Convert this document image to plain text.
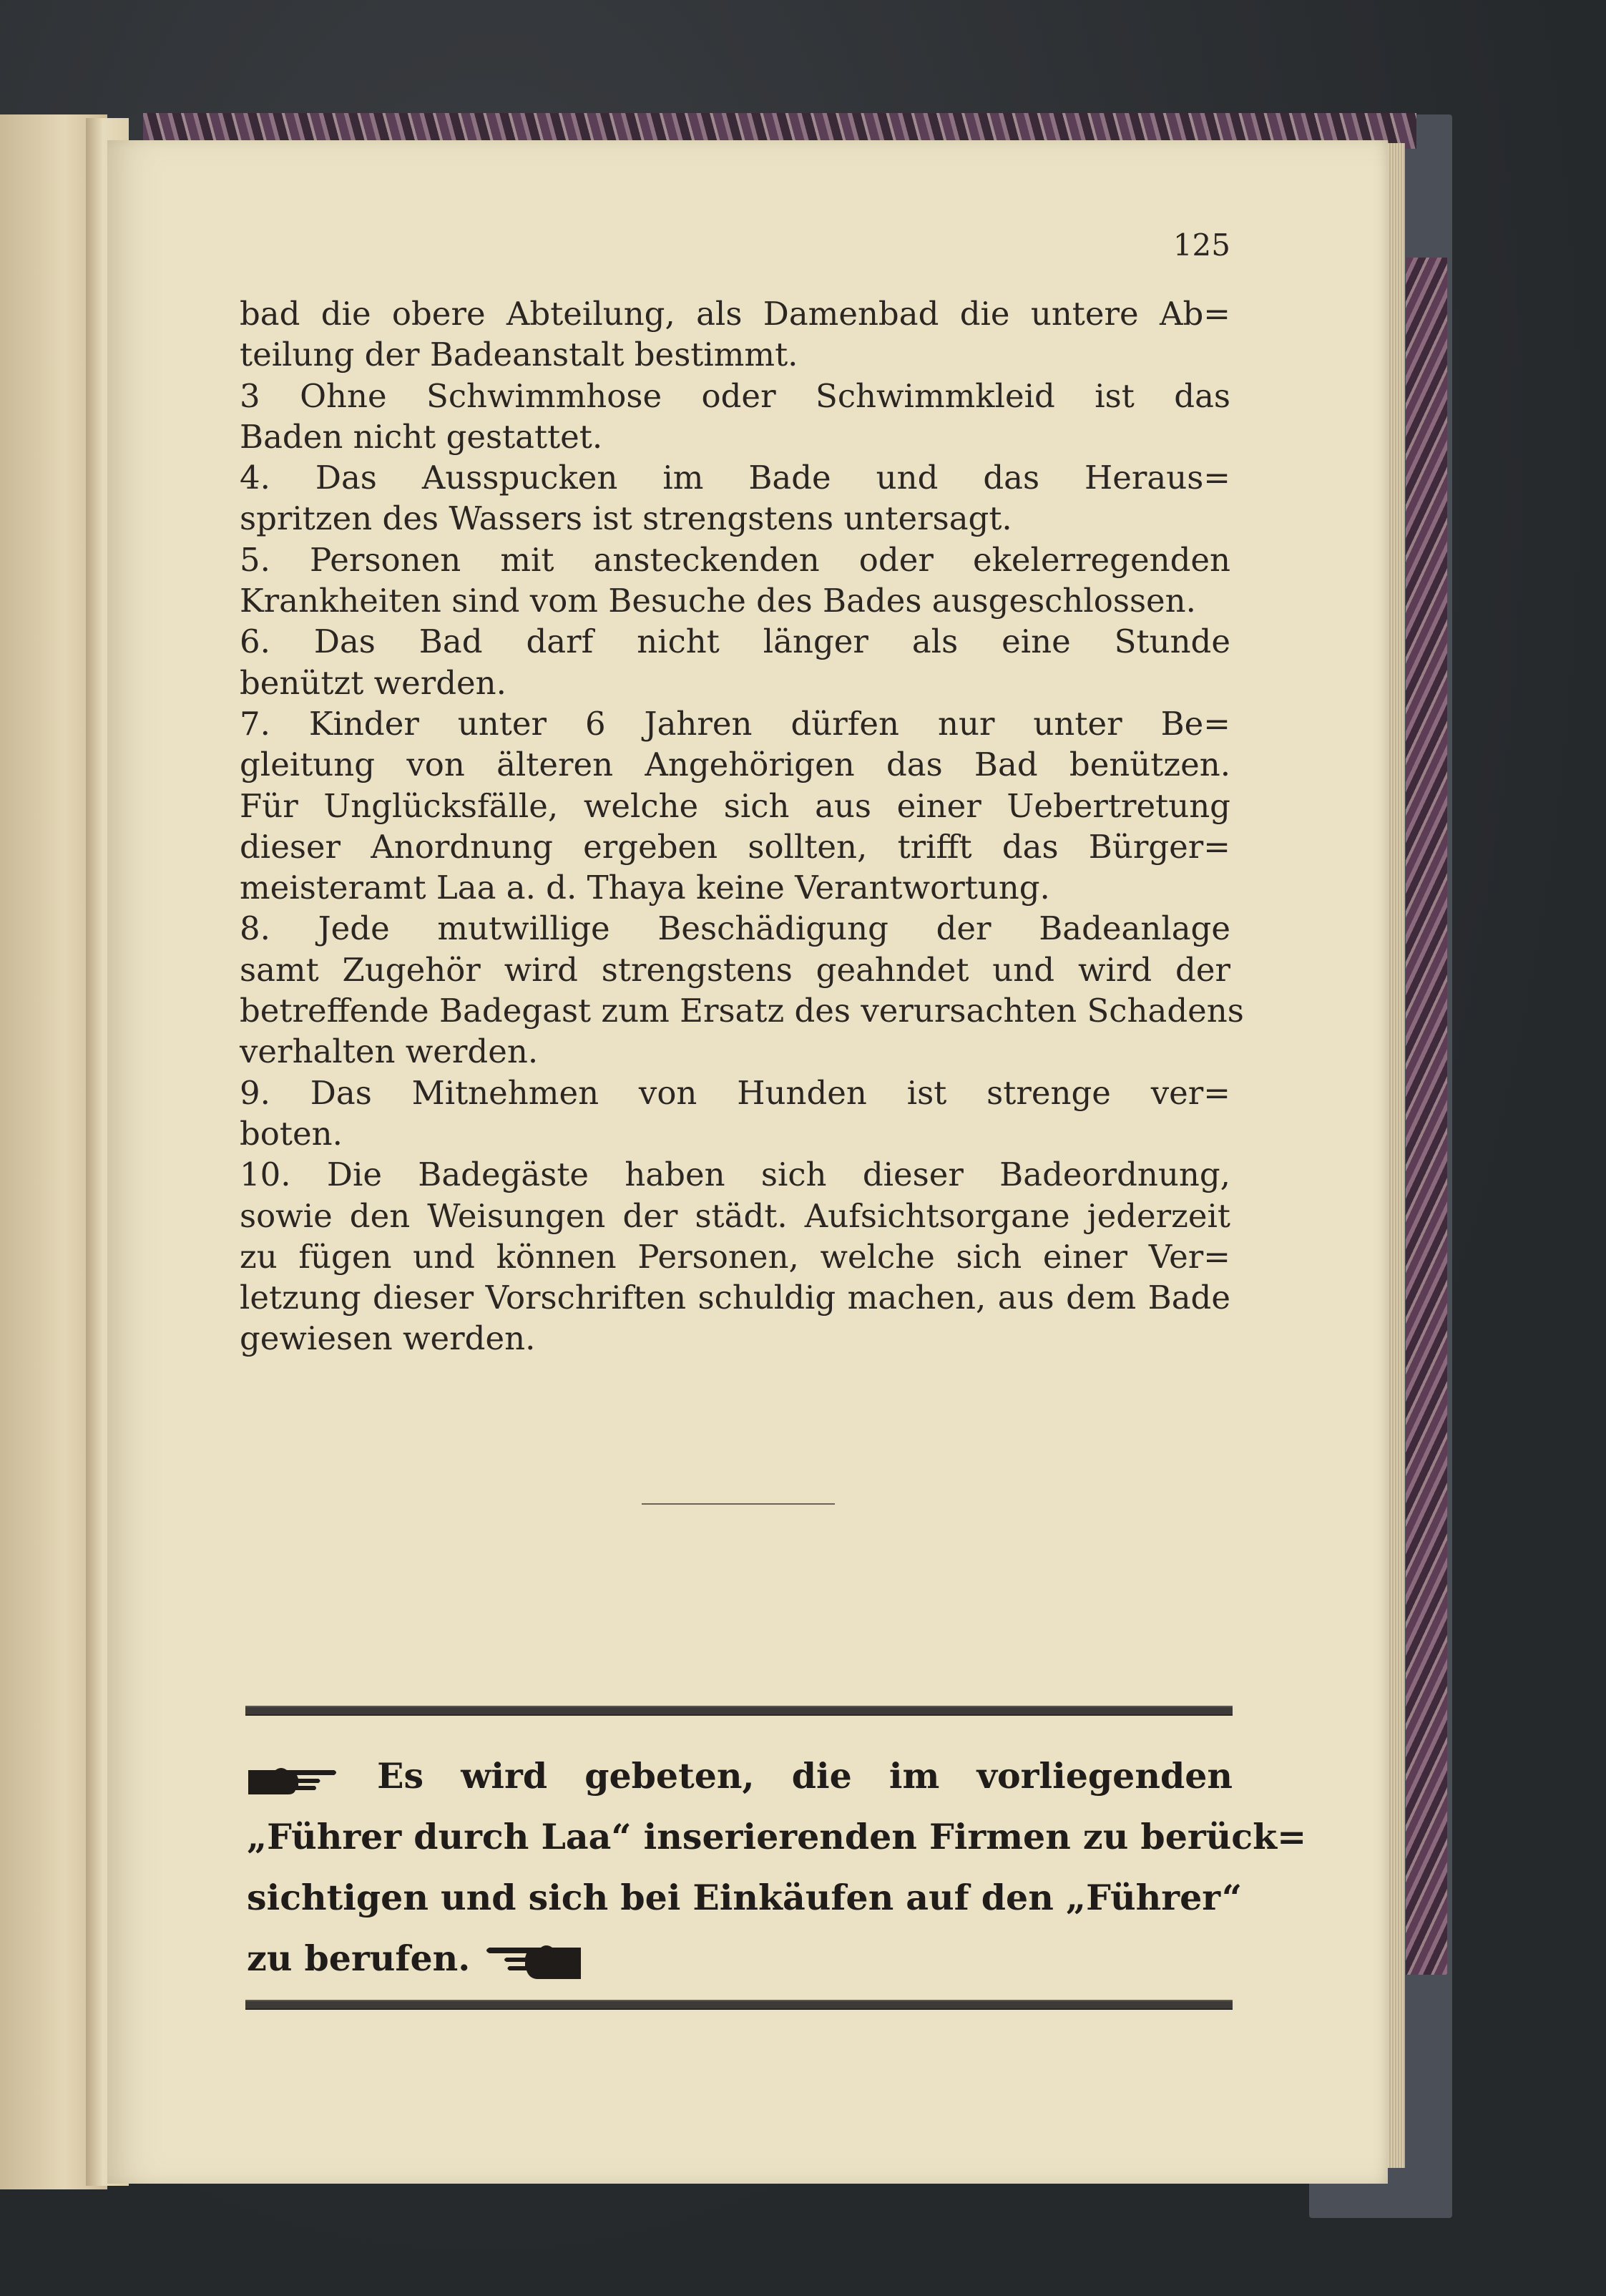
125
bad die obere Abteilung, als Damenbad die untere Ab=
teilung der Badeanstalt bestimmt.
3 Ohne Schwimmhose oder Schwimmkleid ist das
Baden nicht gestattet.
4. Das Ausspucken im Bade und das Heraus=
spritzen des Wassers ist strengstens untersagt.
5. Personen mit ansteckenden oder ekelerregenden
Krankheiten sind vom Besuche des Bades ausgeschlossen.
6. Das Bad darf nicht länger als eine Stunde
benützt werden.
7. Kinder unter 6 Jahren dürfen nur unter Be=
gleitung von älteren Angehörigen das Bad benützen.
Für Unglücksfälle, welche sich aus einer Uebertretung
dieser Anordnung ergeben sollten, trifft das Bürger=
meisteramt Laa a. d. Thaya keine Verantwortung.
8. Jede mutwillige Beschädigung der Badeanlage
samt Zugehör wird strengstens geahndet und wird der
betreffende Badegast zum Ersatz des verursachten Schadens
verhalten werden.
9. Das Mitnehmen von Hunden ist strenge ver=
boten.
10. Die Badegäste haben sich dieser Badeordnung,
sowie den Weisungen der städt. Aufsichtsorgane jederzeit
zu fügen und können Personen, welche sich einer Ver=
letzung dieser Vorschriften schuldig machen, aus dem Bade
gewiesen werden.
Es wird gebeten, die im vorliegenden
„Führer durch Laa“ inserierenden Firmen zu berück=
sichtigen und sich bei Einkäufen auf den „Führer“
zu berufen.
